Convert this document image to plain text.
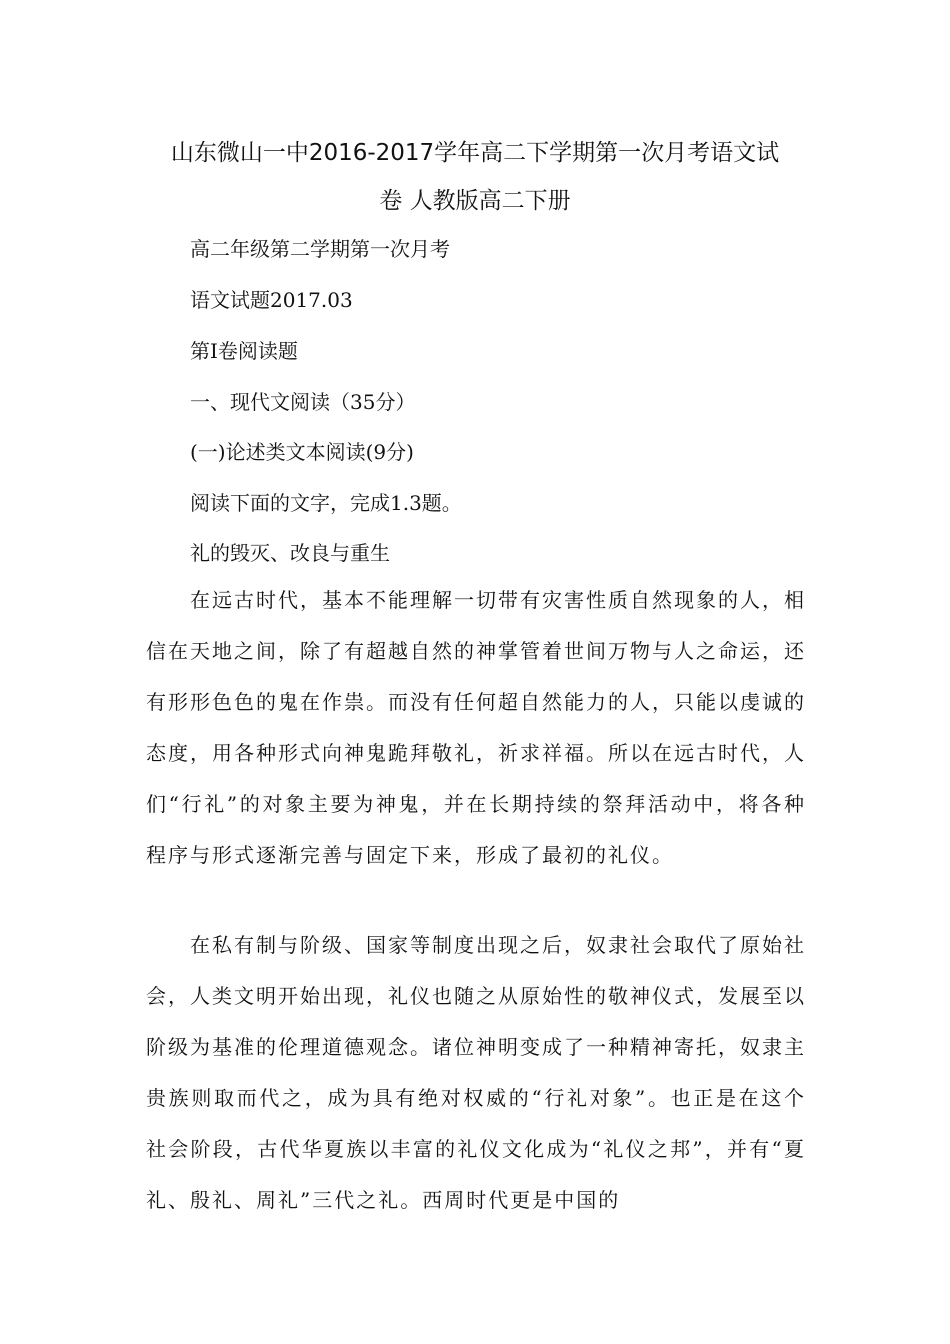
山东微山一中2016-2017学年高二下学期第一次月考语文试
卷 人教版高二下册
高二年级第二学期第一次月考
语文试题2017.03
第Ⅰ卷阅读题
一、现代文阅读（35分）
(一)论述类文本阅读(9分)
阅读下面的文字，完成1.3题。
礼的毁灭、改良与重生

在远古时代，基本不能理解一切带有灾害性质自然现象的人，相信在天地之间，除了有超越自然的神掌管着世间万物与人之命运，还有形形色色的鬼在作祟。而没有任何超自然能力的人，只能以虔诚的态度，用各种形式向神鬼跪拜敬礼，祈求祥福。所以在远古时代，人们“行礼”的对象主要为神鬼，并在长期持续的祭拜活动中，将各种程序与形式逐渐完善与固定下来，形成了最初的礼仪。

在私有制与阶级、国家等制度出现之后，奴隶社会取代了原始社会，人类文明开始出现，礼仪也随之从原始性的敬神仪式，发展至以阶级为基准的伦理道德观念。诸位神明变成了一种精神寄托，奴隶主贵族则取而代之，成为具有绝对权威的“行礼对象”。也正是在这个社会阶段，古代华夏族以丰富的礼仪文化成为“礼仪之邦”，并有“夏礼、殷礼、周礼”三代之礼。西周时代更是中国的
